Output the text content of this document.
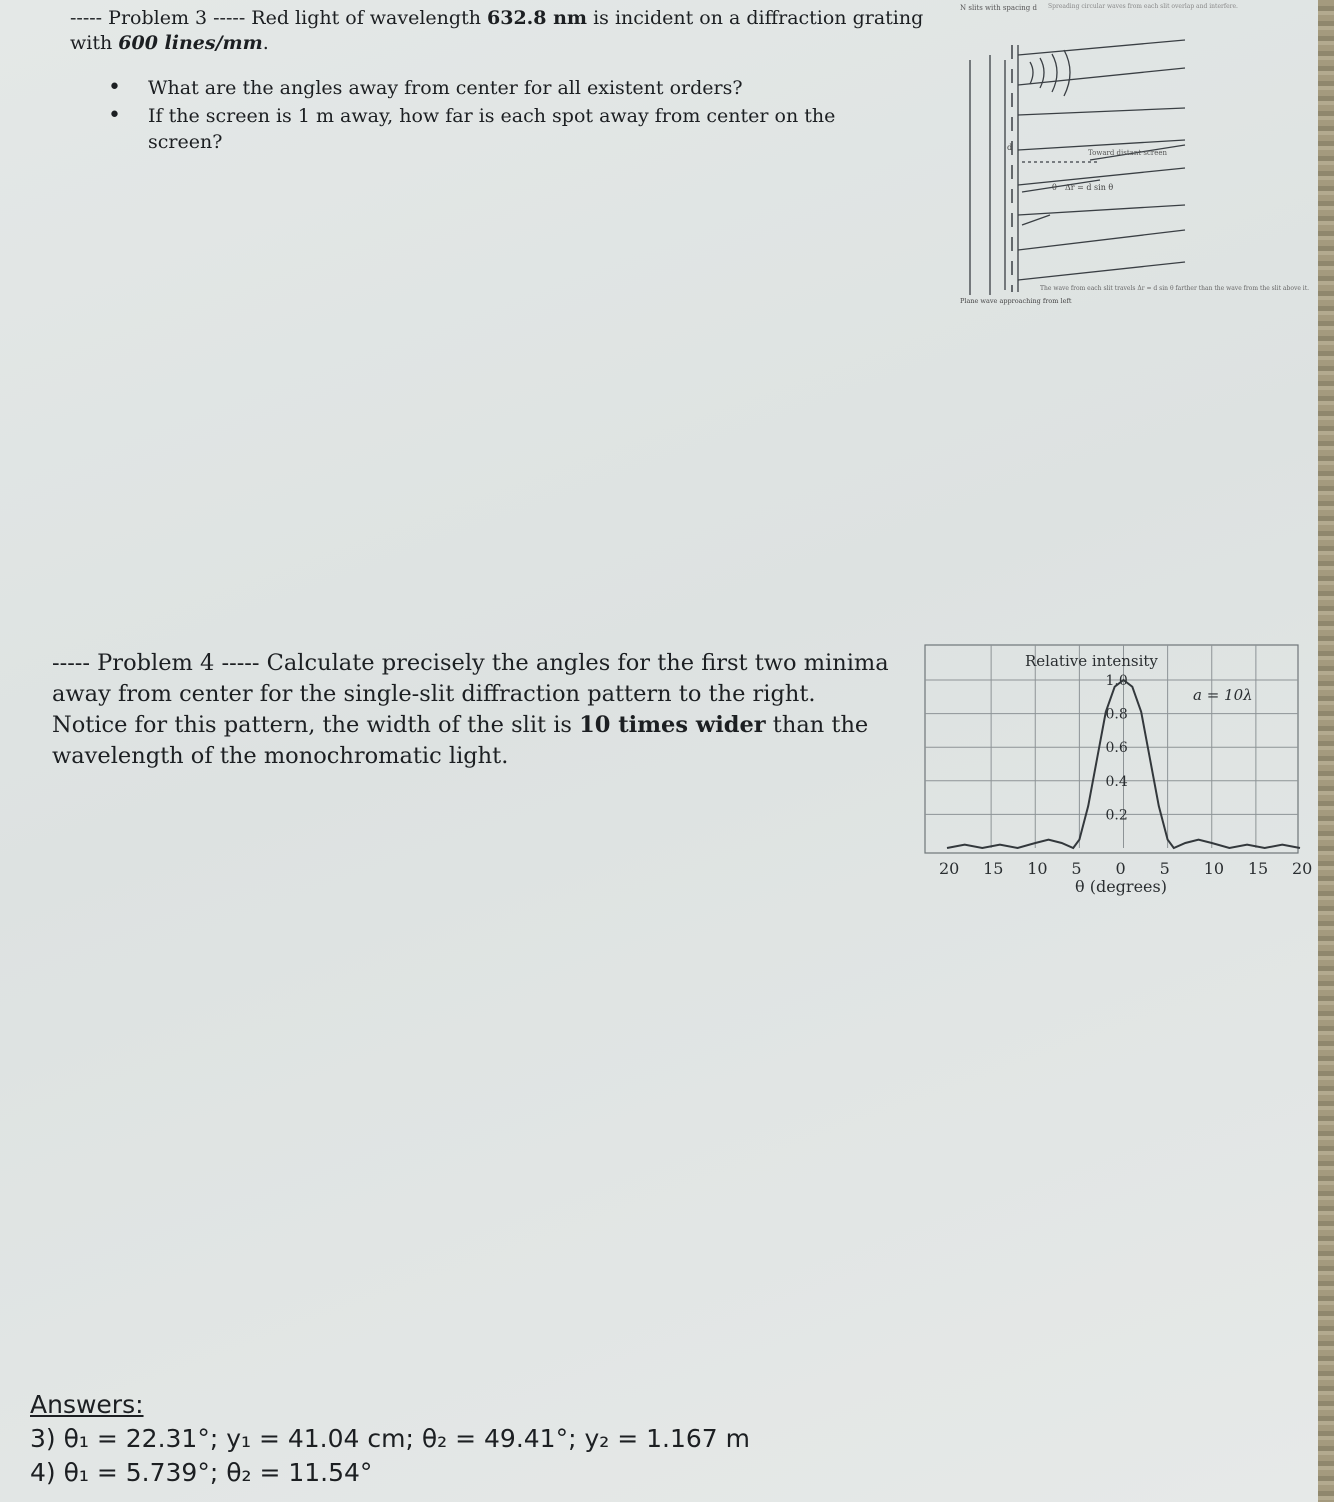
----- Problem 3 ----- Red light of wavelength 632.8 nm is incident on a diffraction grating with 600 lines/mm.
• What are the angles away from center for all existent orders?
• If the screen is 1 m away, how far is each spot away from center on the screen?
N slits with spacing d Spreading circular waves from each slit overlap and interfere.
Toward distant screen
Δr = d sin θ
d
θ
Plane wave approaching from left
The wave from each slit travels Δr = d sin θ farther than the wave from the slit above it.
----- Problem 4 ----- Calculate precisely the angles for the first two minima away from center for the single-slit diffraction pattern to the right. Notice for this pattern, the width of the slit is 10 times wider than the wavelength of the monochromatic light.
1.0
0.8
0.6
0.4
0.2
20 15 10 5 0 5 10 15 20
Relative intensity
a = 10λ
θ (degrees)
Answers:
3) θ₁ = 22.31°; y₁ = 41.04 cm; θ₂ = 49.41°; y₂ = 1.167 m
4) θ₁ = 5.739°; θ₂ = 11.54°
